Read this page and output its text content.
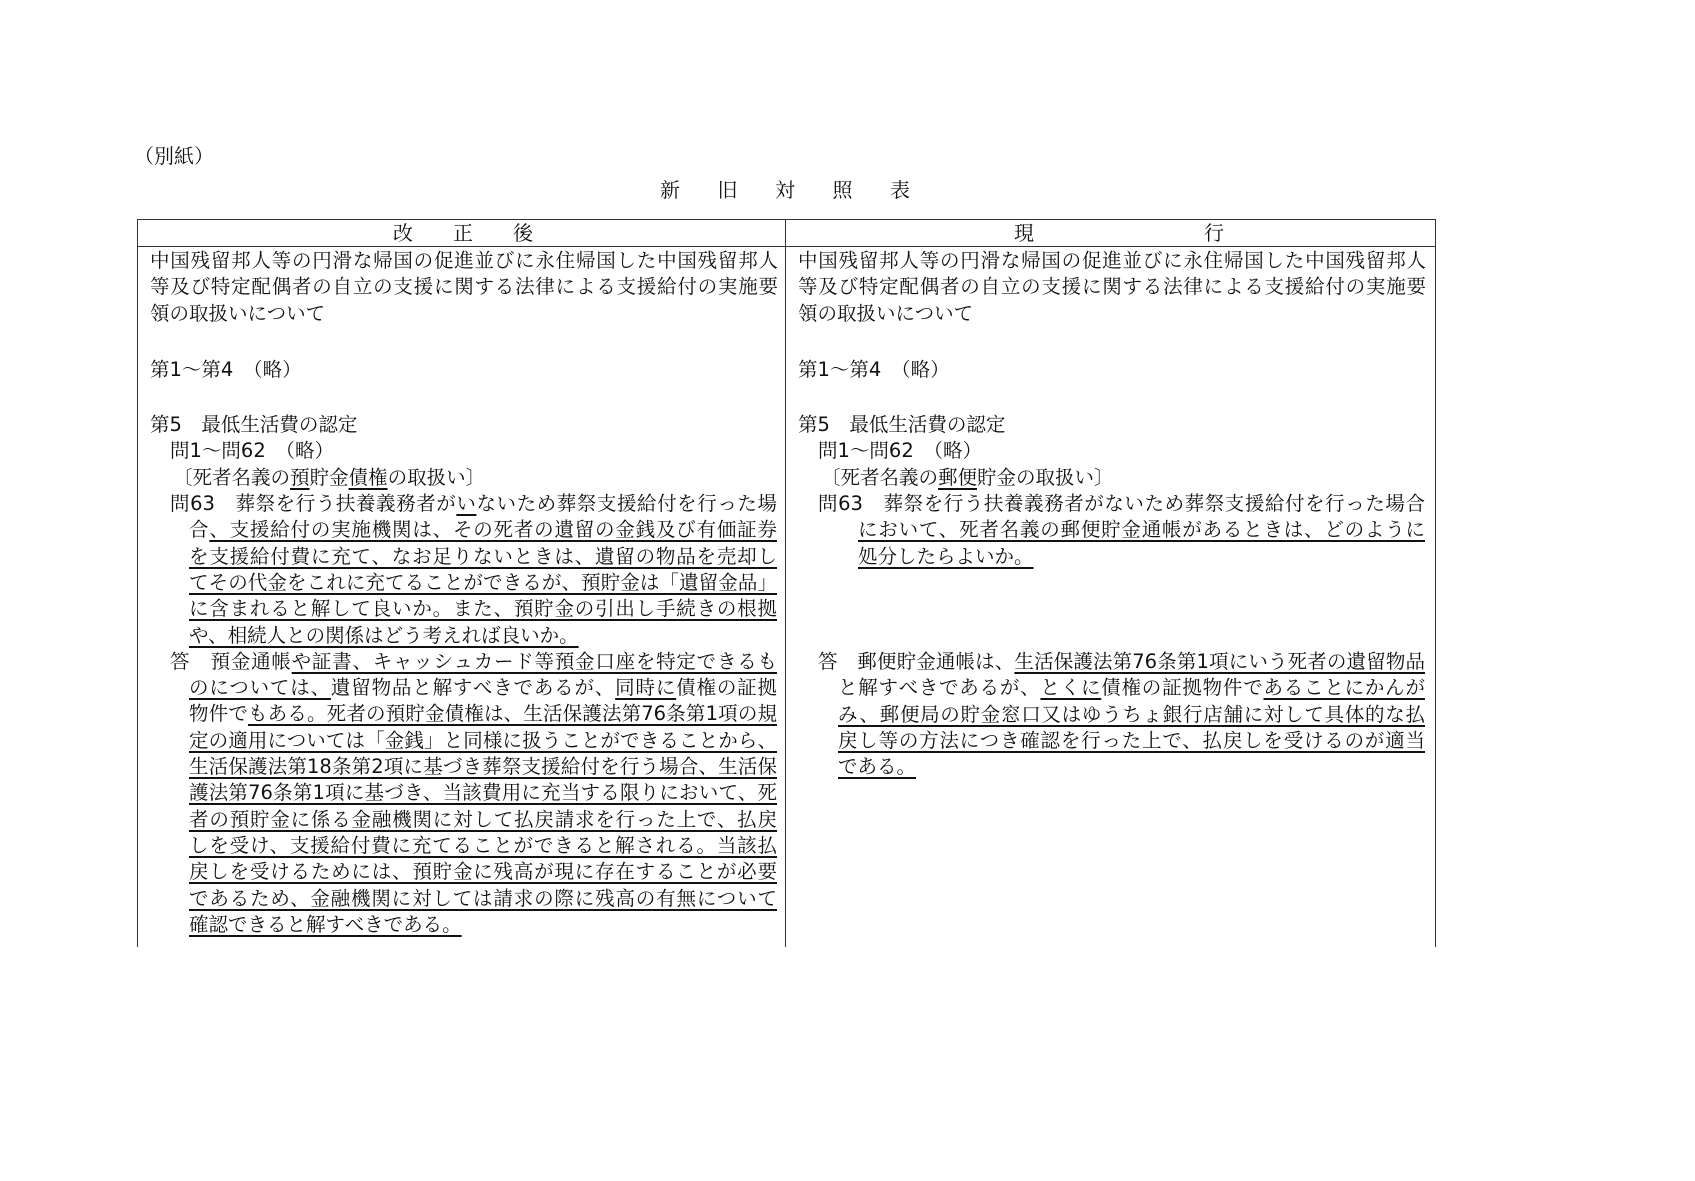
（別紙）
新 旧 対 照 表
改 正 後	現	行
中国残留邦人等の円滑な帰国の促進並びに永住帰国した中国残留邦人
等及び特定配偶者の自立の支援に関する法律による支援給付の実施要
領の取扱いについて
第1～第4　（略）
第5　最低生活費の認定
問1～問62　（略）
〔死者名義の預貯金債権の取扱い〕
問63　葬祭を行う扶養義務者がいないため葬祭支援給付を行った場
合、支援給付の実施機関は、その死者の遺留の金銭及び有価証券
を支援給付費に充て、なお足りないときは、遺留の物品を売却し
てその代金をこれに充てることができるが、預貯金は「遺留金品」
に含まれると解して良いか。また、預貯金の引出し手続きの根拠
や、相続人との関係はどう考えれば良いか。
答　預金通帳や証書、キャッシュカード等預金口座を特定できるも
のについては、遺留物品と解すべきであるが、同時に債権の証拠
物件でもある。死者の預貯金債権は、生活保護法第76条第1項の規
定の適用については「金銭」と同様に扱うことができることから、
生活保護法第18条第2項に基づき葬祭支援給付を行う場合、生活保
護法第76条第1項に基づき、当該費用に充当する限りにおいて、死
者の預貯金に係る金融機関に対して払戻請求を行った上で、払戻
しを受け、支援給付費に充てることができると解される。当該払
戻しを受けるためには、預貯金に残高が現に存在することが必要
であるため、金融機関に対しては請求の際に残高の有無について
確認できると解すべきである。
中国残留邦人等の円滑な帰国の促進並びに永住帰国した中国残留邦人
等及び特定配偶者の自立の支援に関する法律による支援給付の実施要
領の取扱いについて
第1～第4　（略）
第5　最低生活費の認定
問1～問62　（略）
〔死者名義の郵便貯金の取扱い〕
問63　葬祭を行う扶養義務者がないため葬祭支援給付を行った場合
において、死者名義の郵便貯金通帳があるときは、どのように
処分したらよいか。
答　郵便貯金通帳は、生活保護法第76条第1項にいう死者の遺留物品
と解すべきであるが、とくに債権の証拠物件であることにかんが
み、郵便局の貯金窓口又はゆうちょ銀行店舗に対して具体的な払
戻し等の方法につき確認を行った上で、払戻しを受けるのが適当
である。
